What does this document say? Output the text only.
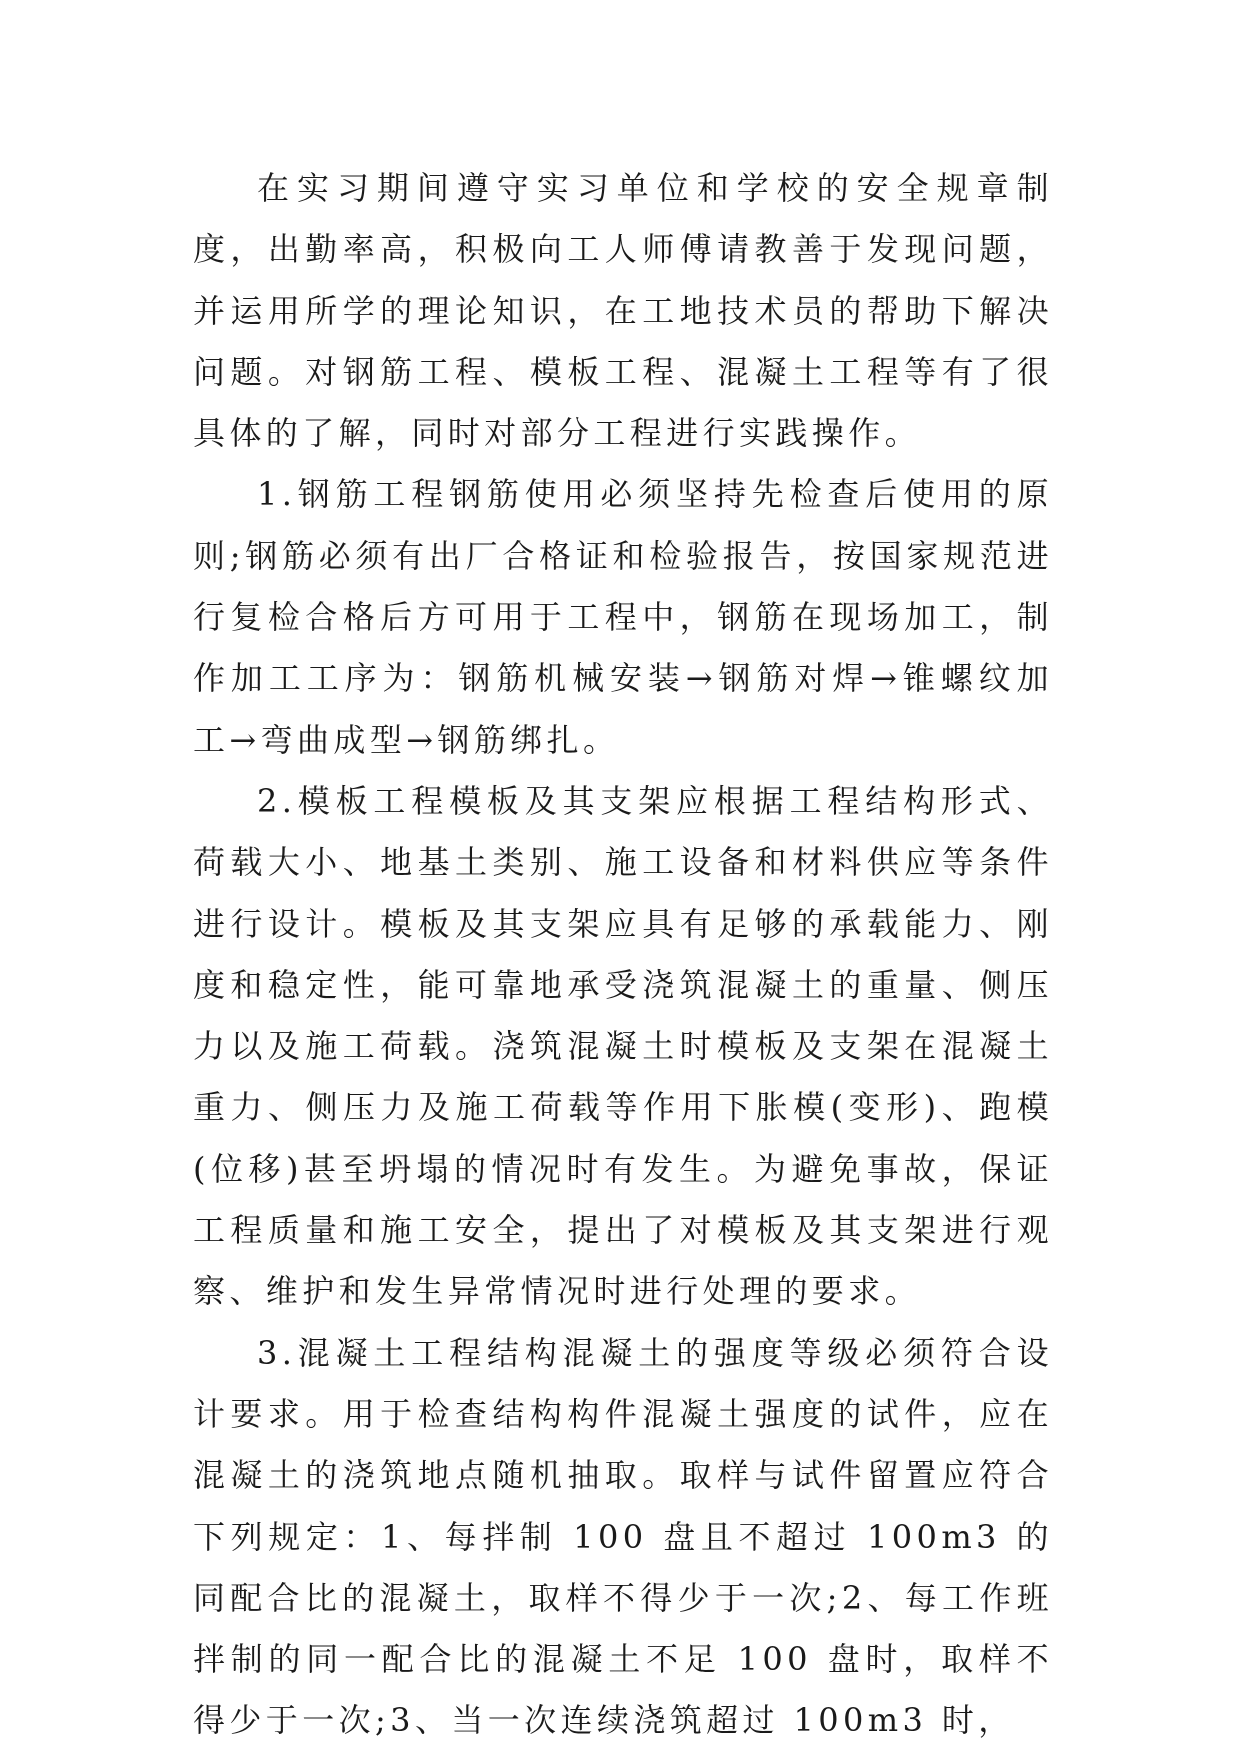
在实习期间遵守实习单位和学校的安全规章制度，出勤率高，积极向工人师傅请教善于发现问题，并运用所学的理论知识，在工地技术员的帮助下解决问题。对钢筋工程、模板工程、混凝土工程等有了很具体的了解，同时对部分工程进行实践操作。

1.钢筋工程钢筋使用必须坚持先检查后使用的原则;钢筋必须有出厂合格证和检验报告，按国家规范进行复检合格后方可用于工程中，钢筋在现场加工，制作加工工序为：钢筋机械安装→钢筋对焊→锥螺纹加工→弯曲成型→钢筋绑扎。

2.模板工程模板及其支架应根据工程结构形式、荷载大小、地基土类别、施工设备和材料供应等条件进行设计。模板及其支架应具有足够的承载能力、刚度和稳定性，能可靠地承受浇筑混凝土的重量、侧压力以及施工荷载。浇筑混凝土时模板及支架在混凝土重力、侧压力及施工荷载等作用下胀模(变形)、跑模(位移)甚至坍塌的情况时有发生。为避免事故，保证工程质量和施工安全，提出了对模板及其支架进行观察、维护和发生异常情况时进行处理的要求。

3.混凝土工程结构混凝土的强度等级必须符合设计要求。用于检查结构构件混凝土强度的试件，应在混凝土的浇筑地点随机抽取。取样与试件留置应符合下列规定：1、每拌制 100 盘且不超过 100m3 的同配合比的混凝土，取样不得少于一次;2、每工作班拌制的同一配合比的混凝土不足 100 盘时，取样不得少于一次;3、当一次连续浇筑超过 100m3 时，
